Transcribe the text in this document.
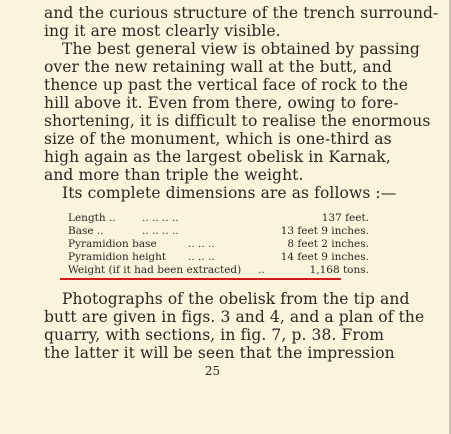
and the curious structure of the trench surround-
ing it are most clearly visible.
The best general view is obtained by passing
over the new retaining wall at the butt, and
thence up past the vertical face of rock to the
hill above it. Even from there, owing to fore-
shortening, it is difficult to realise the enormous
size of the monument, which is one-third as
high again as the largest obelisk in Karnak,
and more than triple the weight.
Its complete dimensions are as follows :—
Length ..	.. .. .. ..	137 feet.
Base ..	.. .. .. ..	13 feet 9 inches.
Pyramidion base	.. .. ..	8 feet 2 inches.
Pyramidion height .. .. ..	14 feet 9 inches.
Weight (if it had been extracted) ..	1,168 tons.
Photographs of the obelisk from the tip and
butt are given in figs. 3 and 4, and a plan of the
quarry, with sections, in fig. 7, p. 38. From
the latter it will be seen that the impression
25
